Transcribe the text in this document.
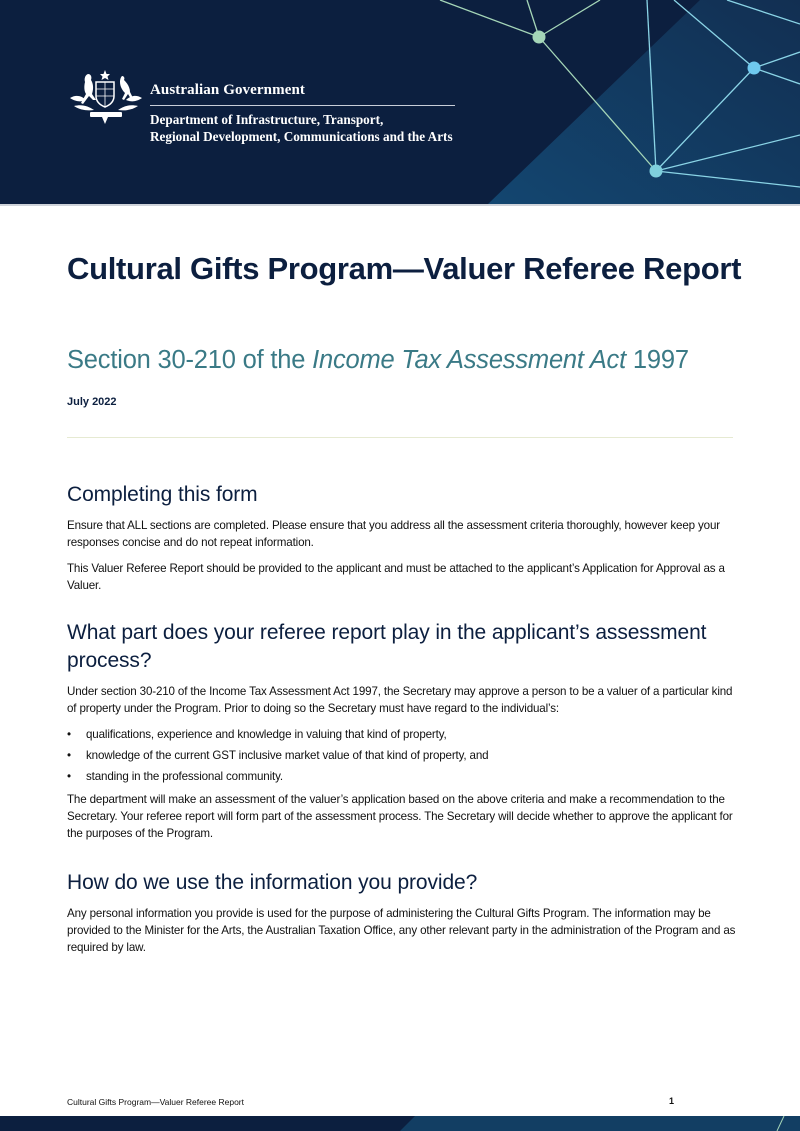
Australian Government
Department of Infrastructure, Transport,
Regional Development, Communications and the Arts
Cultural Gifts Program—Valuer Referee Report
Section 30-210 of the Income Tax Assessment Act 1997
July 2022
Completing this form

Ensure that ALL sections are completed. Please ensure that you address all the assessment criteria thoroughly, however keep your responses concise and do not repeat information.

This Valuer Referee Report should be provided to the applicant and must be attached to the applicant’s Application for Approval as a Valuer.

What part does your referee report play in the applicant’s assessment process?

Under section 30-210 of the Income Tax Assessment Act 1997, the Secretary may approve a person to be a valuer of a particular kind of property under the Program. Prior to doing so the Secretary must have regard to the individual’s:

• qualifications, experience and knowledge in valuing that kind of property,
• knowledge of the current GST inclusive market value of that kind of property, and
• standing in the professional community.

The department will make an assessment of the valuer’s application based on the above criteria and make a recommendation to the Secretary. Your referee report will form part of the assessment process. The Secretary will decide whether to approve the applicant for the purposes of the Program.

How do we use the information you provide?

Any personal information you provide is used for the purpose of administering the Cultural Gifts Program. The information may be provided to the Minister for the Arts, the Australian Taxation Office, any other relevant party in the administration of the Program and as required by law.

Cultural Gifts Program—Valuer Referee Report	1
